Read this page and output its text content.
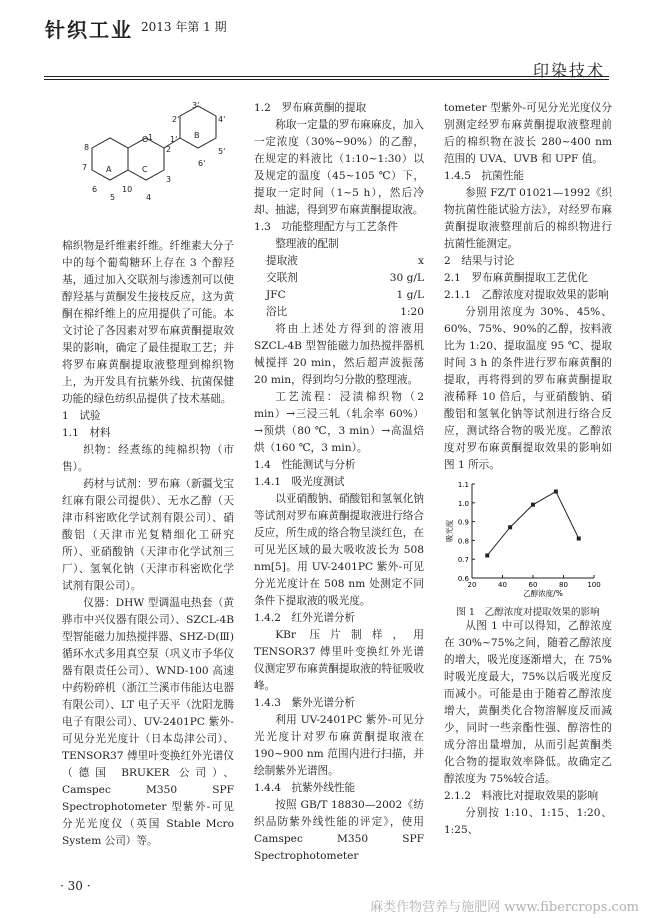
针织工业 2013 年第 1 期
印染技术
8
1
2
1'
2'
3'
4'
5'
6'
7
6
5
10
4
3
O
A	C
B

棉织物是纤维素纤维。纤维素大分子中的每个葡萄糖环上存在 3 个醇羟基，通过加入交联剂与渗透剂可以使醇羟基与黄酮发生接枝反应，这为黄酮在棉纤维上的应用提供了可能。本文讨论了各因素对罗布麻黄酮提取效果的影响，确定了最佳提取工艺；并将罗布麻黄酮提取液整理到棉织物上，为开发具有抗紫外线、抗菌保健功能的绿色纺织品提供了技术基础。

1　试验

1.1　材料

织物：经煮练的纯棉织物（市售）。

药材与试剂：罗布麻（新疆戈宝红麻有限公司提供）、无水乙醇（天津市科密欧化学试剂有限公司）、硝酸铝（天津市光复精细化工研究所）、亚硝酸钠（天津市化学试剂三厂）、氢氧化钠（天津市科密欧化学试剂有限公司）。

仪器：DHW 型调温电热套（黄骅市中兴仪器有限公司）、SZCL-4B 型智能磁力加热搅拌器、SHZ-D(Ⅲ)循环水式多用真空泵（巩义市予华仪器有限责任公司）、WND-100 高速中药粉碎机（浙江兰溪市伟能达电器有限公司）、LT 电子天平（沈阳龙腾电子有限公司）、UV-2401PC 紫外-可见分光光度计（日本岛津公司）、TENSOR37 傅里叶变换红外光谱仪（德国 BRUKER 公司）、Camspec M350 SPF Spectrophotometer 型紫外-可见分光光度仪（英国 Stable Mcro System 公司）等。

1.2　罗布麻黄酮的提取

称取一定量的罗布麻麻皮，加入一定浓度（30%~90%）的乙醇，在规定的料液比（1:10~1:30）以及规定的温度（45~105 ℃）下，提取一定时间（1~5 h），然后冷却、抽滤，得到罗布麻黄酮提取液。

1.3　功能整理配方与工艺条件

整理液的配制

提取液	x
交联剂	30 g/L
JFC	1 g/L
浴比	1:20

将由上述处方得到的溶液用 SZCL-4B 型智能磁力加热搅拌器机械搅拌 20 min，然后超声波振荡 20 min，得到均匀分散的整理液。

工艺流程：浸渍棉织物（2 min）→三浸三轧（轧余率 60%）→预烘（80 ℃，3 min）→高温焙烘（160 ℃，3 min）。

1.4　性能测试与分析

1.4.1　吸光度测试

以亚硝酸钠、硝酸铝和氢氧化钠等试剂对罗布麻黄酮提取液进行络合反应，所生成的络合物呈淡红色，在可见光区域的最大吸收波长为 508 nm[5]。用 UV-2401PC 紫外-可见分光光度计在 508 nm 处测定不同条件下提取液的吸光度。

1.4.2　红外光谱分析

KBr 压片制样，用 TENSOR37 傅里叶变换红外光谱仪测定罗布麻黄酮提取液的特征吸收峰。

1.4.3　紫外光谱分析

利用 UV-2401PC 紫外-可见分光光度计对罗布麻黄酮提取液在 190~900 nm 范围内进行扫描，并绘制紫外光谱图。

1.4.4　抗紫外线性能

按照 GB/T 18830—2002《纺织品防紫外线性能的评定》，使用 Camspec M350 SPF Spectrophotometer

tometer 型紫外-可见分光光度仪分别测定经罗布麻黄酮提取液整理前后的棉织物在波长 280~400 nm 范围的 UVA、UVB 和 UPF 值。

1.4.5　抗菌性能

参照 FZ/T 01021—1992《织物抗菌性能试验方法》，对经罗布麻黄酮提取液整理前后的棉织物进行抗菌性能测定。

2　结果与讨论

2.1　罗布麻黄酮提取工艺优化

2.1.1　乙醇浓度对提取效果的影响

分别用浓度为 30%、45%、60%、75%、90%的乙醇，按料液比为 1:20、提取温度 95 ℃、提取时间 3 h 的条件进行罗布麻黄酮的提取，再将得到的罗布麻黄酮提取液稀释 10 倍后，与亚硝酸钠、硝酸铝和氢氧化钠等试剂进行络合反应，测试络合物的吸光度。乙醇浓度对罗布麻黄酮提取效果的影响如图 1 所示。

0.6
0.7
0.8
0.9
1.0
1.1
20	40	60	80	100
乙醇浓度/%
吸光度
图 1　乙醇浓度对提取效果的影响

从图 1 中可以得知，乙醇浓度在 30%~75%之间，随着乙醇浓度的增大，吸光度逐渐增大，在 75% 时吸光度最大，75%以后吸光度反而减小。可能是由于随着乙醇浓度增大，黄酮类化合物溶解度反而减少，同时一些亲酯性强、醇溶性的成分溶出量增加，从而引起黄酮类化合物的提取效率降低。故确定乙醇浓度为 75%较合适。

2.1.2　料液比对提取效果的影响

分别按 1:10、1:15、1:20、1:25、

· 30 ·
麻类作物营养与施肥网 www.fibercrops.com
